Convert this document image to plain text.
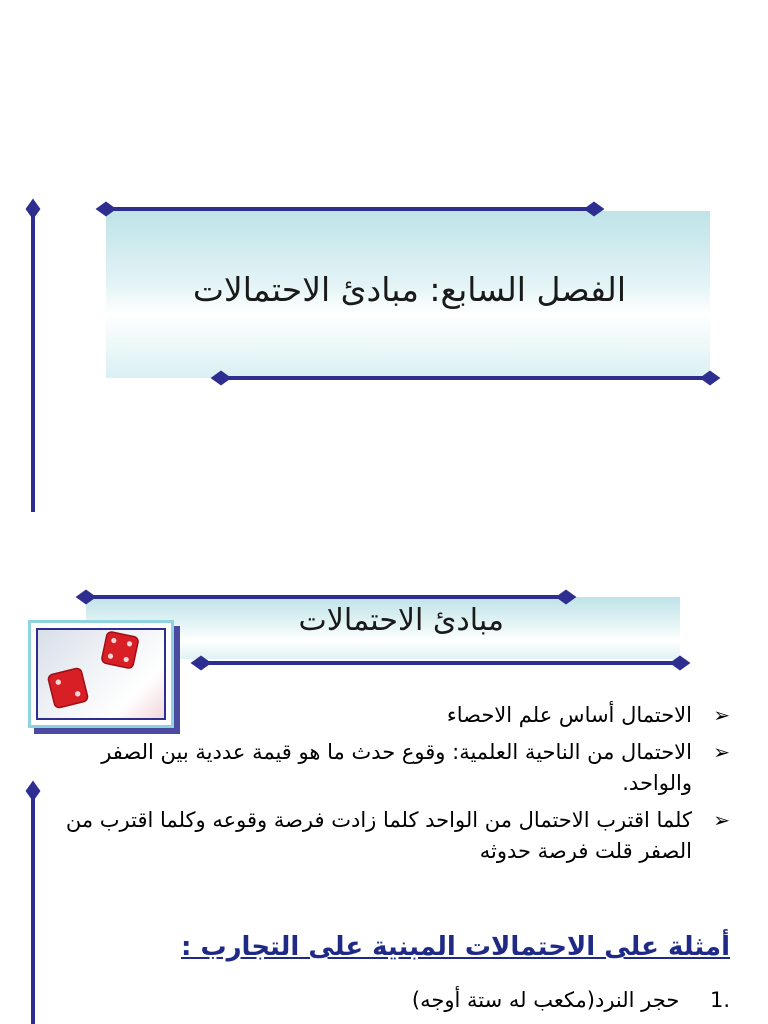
الفصل السابع: مبادئ الاحتمالات
مبادئ الاحتمالات
➢
الاحتمال أساس علم الاحصاء
➢
الاحتمال من الناحية العلمية: وقوع حدث ما هو قيمة عددية بين الصفر والواحد.
➢
كلما اقترب الاحتمال من الواحد كلما زادت فرصة وقوعه وكلما اقترب من الصفر قلت فرصة حدوثه
أمثلة على الاحتمالات المبنية على التجارب :
.1 حجر النرد(مكعب له ستة أوجه)
